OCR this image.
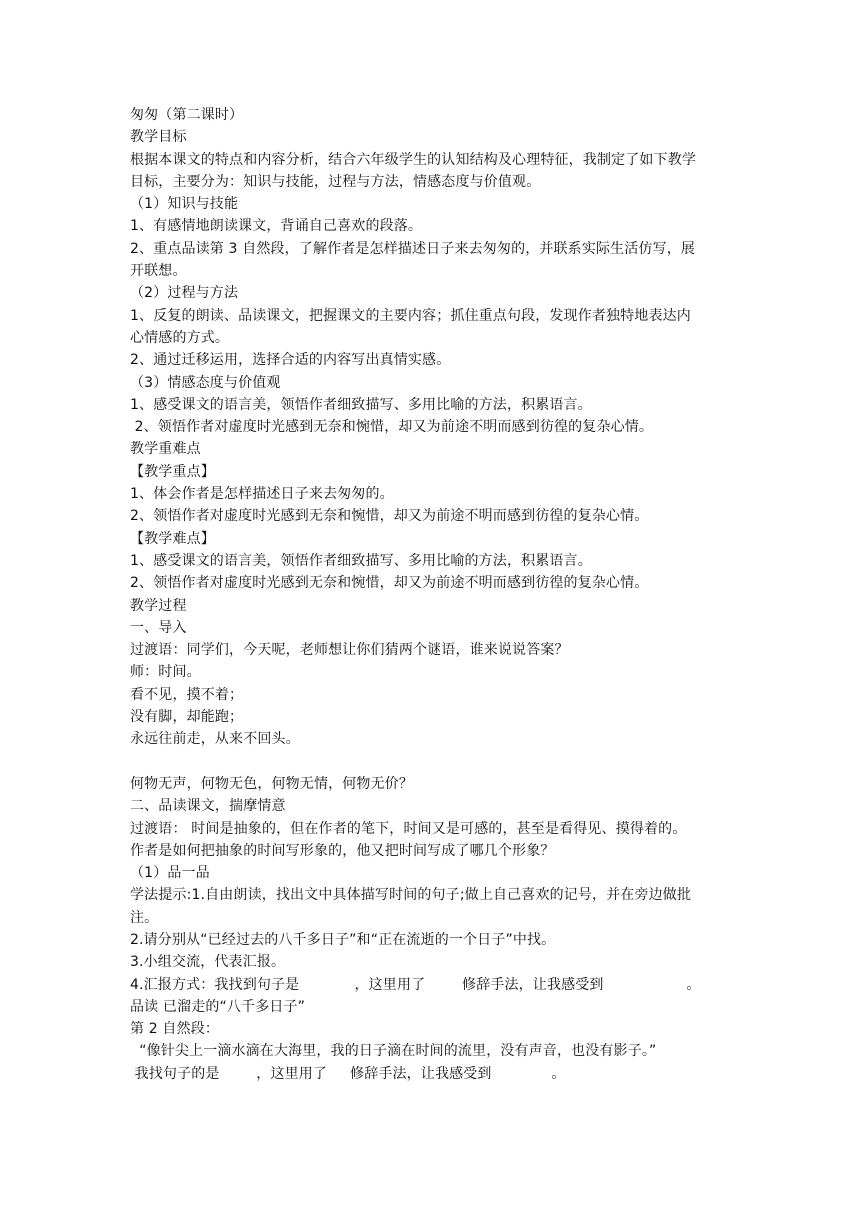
匆匆（第二课时）
教学目标
根据本课文的特点和内容分析，结合六年级学生的认知结构及心理特征，我制定了如下教学
目标，主要分为：知识与技能，过程与方法，情感态度与价值观。
（1）知识与技能
1、有感情地朗读课文，背诵自己喜欢的段落。
2、重点品读第 3 自然段，了解作者是怎样描述日子来去匆匆的，并联系实际生活仿写，展
开联想。
（2）过程与方法
1、反复的朗读、品读课文，把握课文的主要内容；抓住重点句段，发现作者独特地表达内
心情感的方式。
2、通过迁移运用，选择合适的内容写出真情实感。
（3）情感态度与价值观
1、感受课文的语言美，领悟作者细致描写、多用比喻的方法，积累语言。
2、领悟作者对虚度时光感到无奈和惋惜，却又为前途不明而感到彷徨的复杂心情。
教学重难点
【教学重点】
1、体会作者是怎样描述日子来去匆匆的。
2、领悟作者对虚度时光感到无奈和惋惜，却又为前途不明而感到彷徨的复杂心情。
【教学难点】
1、感受课文的语言美，领悟作者细致描写、多用比喻的方法，积累语言。
2、领悟作者对虚度时光感到无奈和惋惜，却又为前途不明而感到彷徨的复杂心情。
教学过程
一、导入
过渡语：同学们，今天呢，老师想让你们猜两个谜语，谁来说说答案？
师：时间。
看不见，摸不着；
没有脚，却能跑；
永远往前走，从来不回头。
何物无声，何物无色，何物无情，何物无价？
二、品读课文，揣摩情意
过渡语： 时间是抽象的，但在作者的笔下，时间又是可感的，甚至是看得见、摸得着的。
作者是如何把抽象的时间写形象的，他又把时间写成了哪几个形象？
（1）品一品
学法提示:1.自由朗读，找出文中具体描写时间的句子;做上自己喜欢的记号，并在旁边做批
注。
2.请分别从“已经过去的八千多日子”和“正在流逝的一个日子”中找。
3.小组交流，代表汇报。
4.汇报方式：我找到句子是            ，这里用了        修辞手法，让我感受到                  。
品读 已溜走的“八千多日子”
第 2 自然段：
“像针尖上一滴水滴在大海里，我的日子滴在时间的流里，没有声音，也没有影子。”
我找句子的是        ，这里用了     修辞手法，让我感受到             。
